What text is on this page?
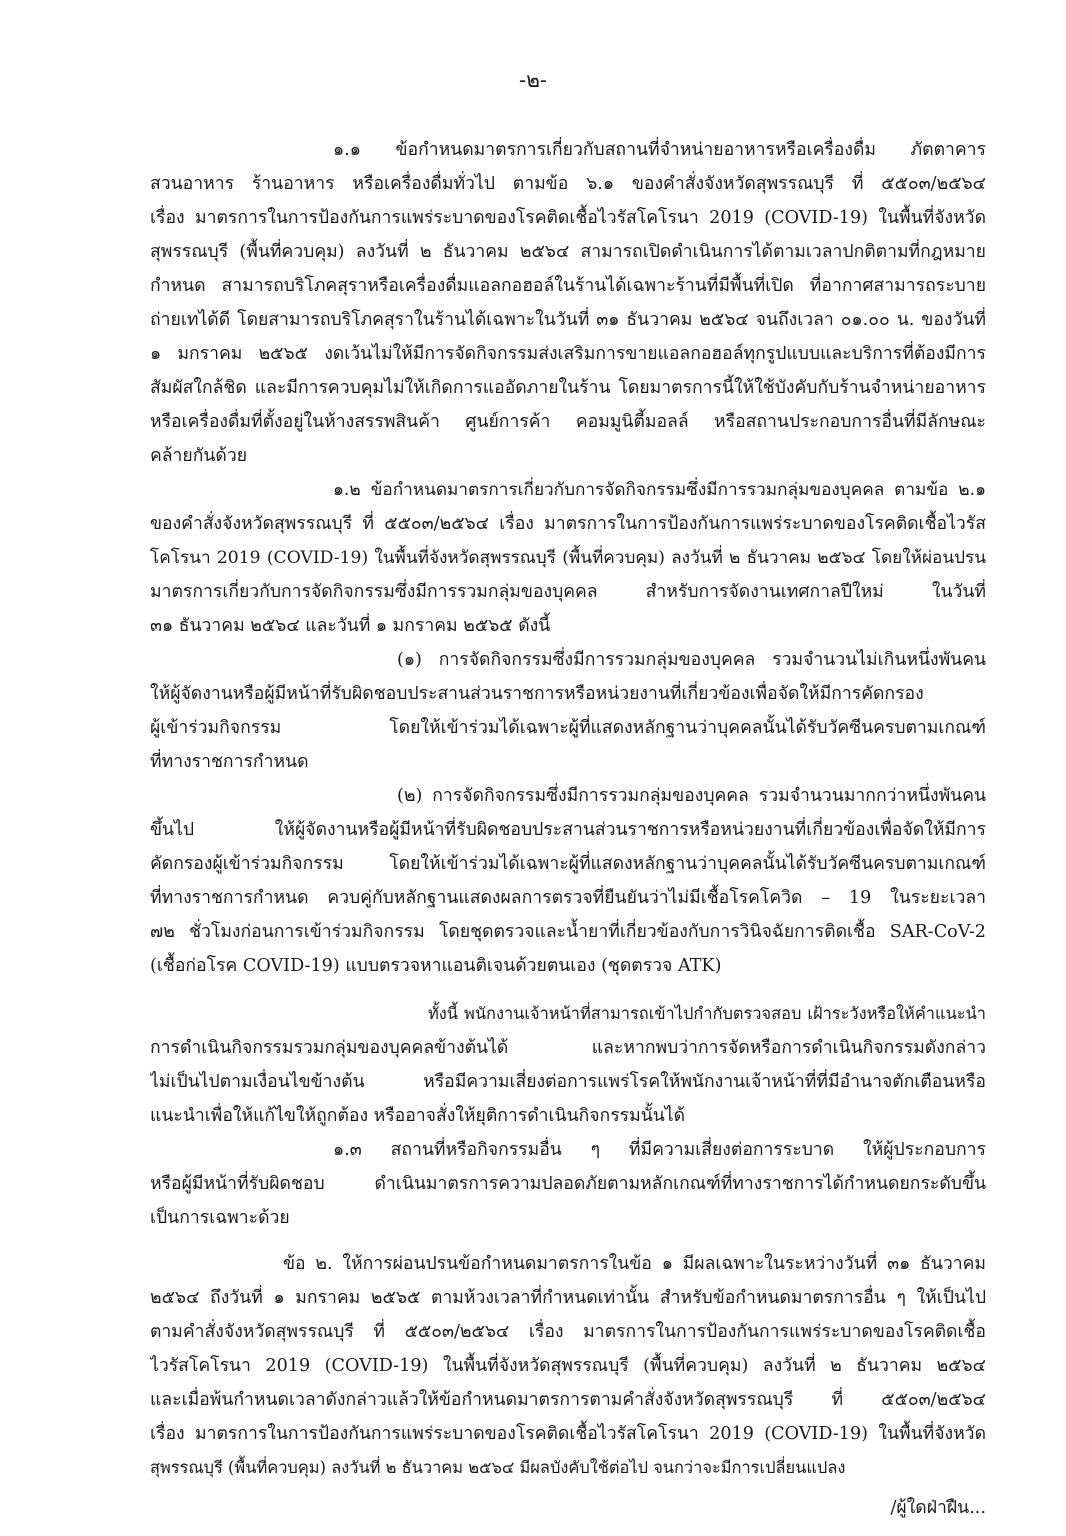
-๒-
๑.๑ ข้อกำหนดมาตรการเกี่ยวกับสถานที่จำหน่ายอาหารหรือเครื่องดื่ม ภัตตาคาร
สวนอาหาร ร้านอาหาร หรือเครื่องดื่มทั่วไป ตามข้อ ๖.๑ ของคำสั่งจังหวัดสุพรรณบุรี ที่ ๕๕๐๓/๒๕๖๔
เรื่อง มาตรการในการป้องกันการแพร่ระบาดของโรคติดเชื้อไวรัสโคโรนา 2019 (COVID-19) ในพื้นที่จังหวัด
สุพรรณบุรี (พื้นที่ควบคุม) ลงวันที่ ๒ ธันวาคม ๒๕๖๔ สามารถเปิดดำเนินการได้ตามเวลาปกติตามที่กฎหมาย
กำหนด สามารถบริโภคสุราหรือเครื่องดื่มแอลกอฮอล์ในร้านได้เฉพาะร้านที่มีพื้นที่เปิด ที่อากาศสามารถระบาย
ถ่ายเทได้ดี โดยสามารถบริโภคสุราในร้านได้เฉพาะในวันที่ ๓๑ ธันวาคม ๒๕๖๔ จนถึงเวลา ๐๑.๐๐ น. ของวันที่
๑ มกราคม ๒๕๖๕ งดเว้นไม่ให้มีการจัดกิจกรรมส่งเสริมการขายแอลกอฮอล์ทุกรูปแบบและบริการที่ต้องมีการ
สัมผัสใกล้ชิด และมีการควบคุมไม่ให้เกิดการแออัดภายในร้าน โดยมาตรการนี้ให้ใช้บังคับกับร้านจำหน่ายอาหาร
หรือเครื่องดื่มที่ตั้งอยู่ในห้างสรรพสินค้า ศูนย์การค้า คอมมูนิตี้มอลล์ หรือสถานประกอบการอื่นที่มีลักษณะ
คล้ายกันด้วย
๑.๒ ข้อกำหนดมาตรการเกี่ยวกับการจัดกิจกรรมซึ่งมีการรวมกลุ่มของบุคคล ตามข้อ ๒.๑
ของคำสั่งจังหวัดสุพรรณบุรี ที่ ๕๕๐๓/๒๕๖๔ เรื่อง มาตรการในการป้องกันการแพร่ระบาดของโรคติดเชื้อไวรัส
โคโรนา 2019 (COVID-19) ในพื้นที่จังหวัดสุพรรณบุรี (พื้นที่ควบคุม) ลงวันที่ ๒ ธันวาคม ๒๕๖๔ โดยให้ผ่อนปรน
มาตรการเกี่ยวกับการจัดกิจกรรมซึ่งมีการรวมกลุ่มของบุคคล สำหรับการจัดงานเทศกาลปีใหม่ ในวันที่
๓๑ ธันวาคม ๒๕๖๔ และวันที่ ๑ มกราคม ๒๕๖๕ ดังนี้
(๑) การจัดกิจกรรมซึ่งมีการรวมกลุ่มของบุคคล รวมจำนวนไม่เกินหนึ่งพันคน
ให้ผู้จัดงานหรือผู้มีหน้าที่รับผิดชอบประสานส่วนราชการหรือหน่วยงานที่เกี่ยวข้องเพื่อจัดให้มีการคัดกรอง
ผู้เข้าร่วมกิจกรรม โดยให้เข้าร่วมได้เฉพาะผู้ที่แสดงหลักฐานว่าบุคคลนั้นได้รับวัคซีนครบตามเกณฑ์
ที่ทางราชการกำหนด
(๒) การจัดกิจกรรมซึ่งมีการรวมกลุ่มของบุคคล รวมจำนวนมากกว่าหนึ่งพันคน
ขึ้นไป ให้ผู้จัดงานหรือผู้มีหน้าที่รับผิดชอบประสานส่วนราชการหรือหน่วยงานที่เกี่ยวข้องเพื่อจัดให้มีการ
คัดกรองผู้เข้าร่วมกิจกรรม โดยให้เข้าร่วมได้เฉพาะผู้ที่แสดงหลักฐานว่าบุคคลนั้นได้รับวัคซีนครบตามเกณฑ์
ที่ทางราชการกำหนด ควบคู่กับหลักฐานแสดงผลการตรวจที่ยืนยันว่าไม่มีเชื้อโรคโควิด – 19 ในระยะเวลา
๗๒ ชั่วโมงก่อนการเข้าร่วมกิจกรรม โดยชุดตรวจและน้ำยาที่เกี่ยวข้องกับการวินิจฉัยการติดเชื้อ SAR-CoV-2
(เชื้อก่อโรค COVID-19) แบบตรวจหาแอนติเจนด้วยตนเอง (ชุดตรวจ ATK)
ทั้งนี้ พนักงานเจ้าหน้าที่สามารถเข้าไปกำกับตรวจสอบ เฝ้าระวังหรือให้คำแนะนำ
การดำเนินกิจกรรมรวมกลุ่มของบุคคลข้างต้นได้ และหากพบว่าการจัดหรือการดำเนินกิจกรรมดังกล่าว
ไม่เป็นไปตามเงื่อนไขข้างต้น หรือมีความเสี่ยงต่อการแพร่โรคให้พนักงานเจ้าหน้าที่ที่มีอำนาจตักเตือนหรือ
แนะนำเพื่อให้แก้ไขให้ถูกต้อง หรืออาจสั่งให้ยุติการดำเนินกิจกรรมนั้นได้
๑.๓ สถานที่หรือกิจกรรมอื่น ๆ ที่มีความเสี่ยงต่อการระบาด ให้ผู้ประกอบการ
หรือผู้มีหน้าที่รับผิดชอบ ดำเนินมาตรการความปลอดภัยตามหลักเกณฑ์ที่ทางราชการได้กำหนดยกระดับขึ้น
เป็นการเฉพาะด้วย
ข้อ ๒. ให้การผ่อนปรนข้อกำหนดมาตรการในข้อ ๑ มีผลเฉพาะในระหว่างวันที่ ๓๑ ธันวาคม
๒๕๖๔ ถึงวันที่ ๑ มกราคม ๒๕๖๕ ตามห้วงเวลาที่กำหนดเท่านั้น สำหรับข้อกำหนดมาตรการอื่น ๆ ให้เป็นไป
ตามคำสั่งจังหวัดสุพรรณบุรี ที่ ๕๕๐๓/๒๕๖๔ เรื่อง มาตรการในการป้องกันการแพร่ระบาดของโรคติดเชื้อ
ไวรัสโคโรนา 2019 (COVID-19) ในพื้นที่จังหวัดสุพรรณบุรี (พื้นที่ควบคุม) ลงวันที่ ๒ ธันวาคม ๒๕๖๔
และเมื่อพ้นกำหนดเวลาดังกล่าวแล้วให้ข้อกำหนดมาตรการตามคำสั่งจังหวัดสุพรรณบุรี ที่ ๕๕๐๓/๒๕๖๔
เรื่อง มาตรการในการป้องกันการแพร่ระบาดของโรคติดเชื้อไวรัสโคโรนา 2019 (COVID-19) ในพื้นที่จังหวัด
สุพรรณบุรี (พื้นที่ควบคุม) ลงวันที่ ๒ ธันวาคม ๒๕๖๔ มีผลบังคับใช้ต่อไป จนกว่าจะมีการเปลี่ยนแปลง
/ผู้ใดฝ่าฝืน...
